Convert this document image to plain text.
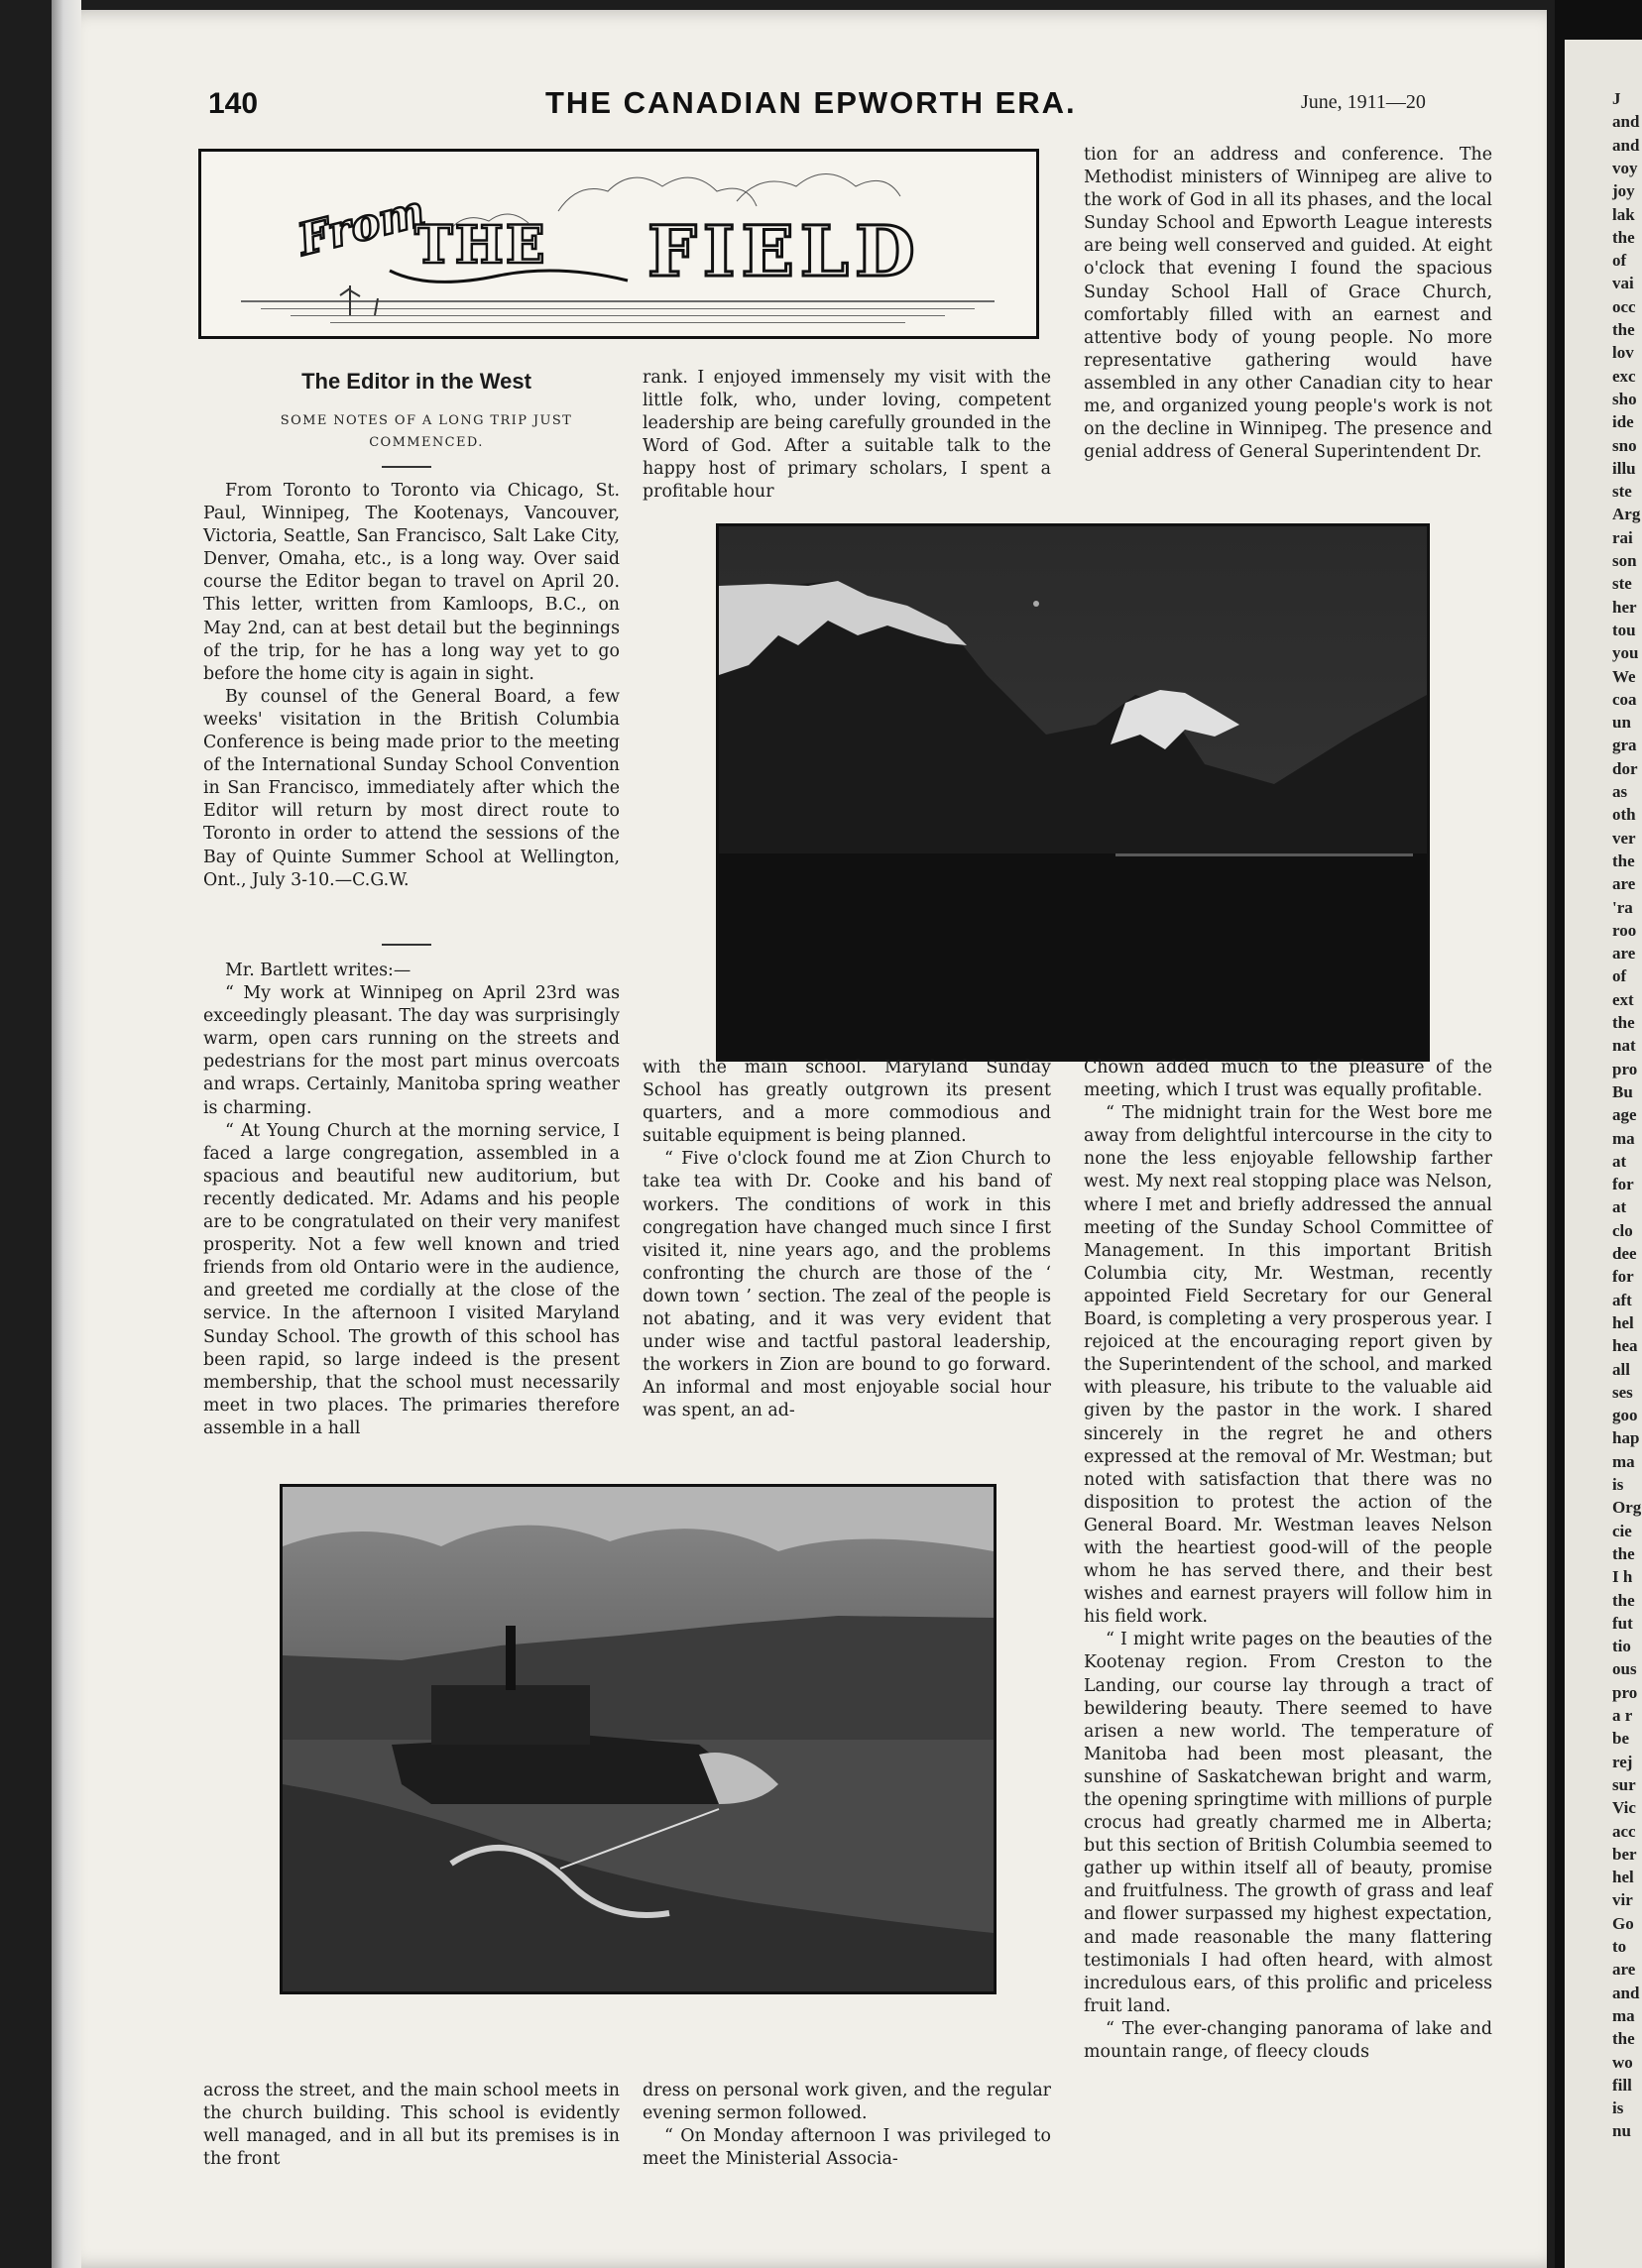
J
and
and
voy
joy
lak
the
of
vai
occ
the
lov
exc
sho
ide
sno
illu
ste
Arg
rai
son
ste
her
tou
you
We
coa
un
gra
dor
as
oth
ver
the
are
'ra
roo
are
of
ext
the
nat
pro
Bu
age
ma
at
for
at
clo
dee
for
aft
hel
hea
all
ses
goo
hap
ma
is
Org
cie
the
I h
the
fut
tio
ous
pro
a r
be
rej
sur
Vic
acc
ber
hel
vir
Go
to
are
and
ma
the
wo
fill
is
nu
140	THE CANADIAN EPWORTH ERA.	June, 1911—20
From
THE FIELD
The Editor in the West
SOME NOTES OF A LONG TRIP JUST
COMMENCED.

From Toronto to Toronto via Chicago, St. Paul, Winnipeg, The Kootenays, Vancouver, Victoria, Seattle, San Francisco, Salt Lake City, Denver, Omaha, etc., is a long way. Over said course the Editor began to travel on April 20. This letter, written from Kamloops, B.C., on May 2nd, can at best detail but the beginnings of the trip, for he has a long way yet to go before the home city is again in sight.

By counsel of the General Board, a few weeks' visitation in the British Columbia Conference is being made prior to the meeting of the International Sunday School Convention in San Francisco, immediately after which the Editor will return by most direct route to Toronto in order to attend the sessions of the Bay of Quinte Summer School at Wellington, Ont., July 3-10.—C.G.W.

Mr. Bartlett writes:—

“ My work at Winnipeg on April 23rd was exceedingly pleasant. The day was surprisingly warm, open cars running on the streets and pedestrians for the most part minus overcoats and wraps. Certainly, Manitoba spring weather is charming.

“ At Young Church at the morning service, I faced a large congregation, assembled in a spacious and beautiful new auditorium, but recently dedicated. Mr. Adams and his people are to be congratulated on their very manifest prosperity. Not a few well known and tried friends from old Ontario were in the audience, and greeted me cordially at the close of the service. In the afternoon I visited Maryland Sunday School. The growth of this school has been rapid, so large indeed is the present membership, that the school must necessarily meet in two places. The primaries therefore assemble in a hall

rank. I enjoyed immensely my visit with the little folk, who, under loving, competent leadership are being carefully grounded in the Word of God. After a suitable talk to the happy host of primary scholars, I spent a profitable hour

tion for an address and conference. The Methodist ministers of Winnipeg are alive to the work of God in all its phases, and the local Sunday School and Epworth League interests are being well conserved and guided. At eight o'clock that evening I found the spacious Sunday School Hall of Grace Church, comfortably filled with an earnest and attentive body of young people. No more representative gathering would have assembled in any other Canadian city to hear me, and organized young people's work is not on the decline in Winnipeg. The presence and genial address of General Superintendent Dr.

with the main school. Maryland Sunday School has greatly outgrown its present quarters, and a more commodious and suitable equipment is being planned.

“ Five o'clock found me at Zion Church to take tea with Dr. Cooke and his band of workers. The conditions of work in this congregation have changed much since I first visited it, nine years ago, and the problems confronting the church are those of the ‘ down town ’ section. The zeal of the people is not abating, and it was very evident that under wise and tactful pastoral leadership, the workers in Zion are bound to go forward. An informal and most enjoyable social hour was spent, an ad-

Chown added much to the pleasure of the meeting, which I trust was equally profitable.

“ The midnight train for the West bore me away from delightful intercourse in the city to none the less enjoyable fellowship farther west. My next real stopping place was Nelson, where I met and briefly addressed the annual meeting of the Sunday School Committee of Management. In this important British Columbia city, Mr. Westman, recently appointed Field Secretary for our General Board, is completing a very prosperous year. I rejoiced at the encouraging report given by the Superintendent of the school, and marked with pleasure, his tribute to the valuable aid given by the pastor in the work. I shared sincerely in the regret he and others expressed at the removal of Mr. Westman; but noted with satisfaction that there was no disposition to protest the action of the General Board. Mr. Westman leaves Nelson with the heartiest good-will of the people whom he has served there, and their best wishes and earnest prayers will follow him in his field work.

“ I might write pages on the beauties of the Kootenay region. From Creston to the Landing, our course lay through a tract of bewildering beauty. There seemed to have arisen a new world. The temperature of Manitoba had been most pleasant, the sunshine of Saskatchewan bright and warm, the opening springtime with millions of purple crocus had greatly charmed me in Alberta; but this section of British Columbia seemed to gather up within itself all of beauty, promise and fruitfulness. The growth of grass and leaf and flower surpassed my highest expectation, and made reasonable the many flattering testimonials I had often heard, with almost incredulous ears, of this prolific and priceless fruit land.

“ The ever-changing panorama of lake and mountain range, of fleecy clouds

across the street, and the main school meets in the church building. This school is evidently well managed, and in all but its premises is in the front

dress on personal work given, and the regular evening sermon followed.

“ On Monday afternoon I was privileged to meet the Ministerial Associa-
